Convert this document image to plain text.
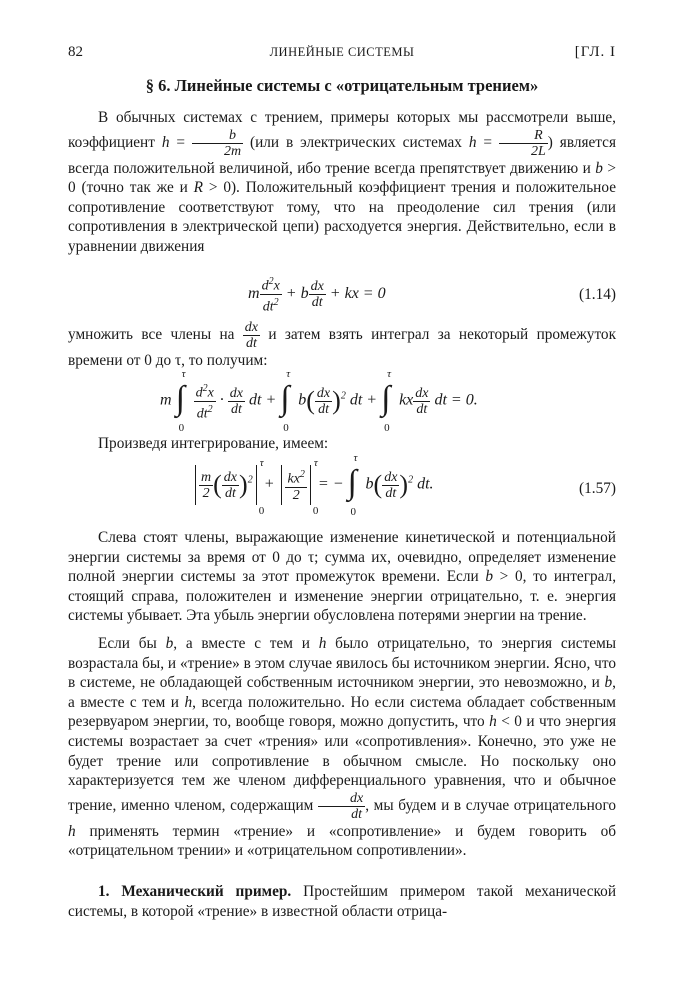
82	ЛИНЕЙНЫЕ СИСТЕМЫ	[ГЛ. I
§ 6. Линейные системы с «отрицательным трением»
В обычных системах с трением, примеры которых мы рассмотрели выше, коэффициент $h = \frac{b}{2m} (или$ в электрических системах $h = \frac{R}{2L}$ ) является всегда положительной величиной, ибо трение всегда препятствует движению и b > 0 (точно так же и R > 0). Положительный коэффициент трения и положительное сопротивление соответствуют тому, что на преодоление сил трения (или сопротивления в электрической цепи) расходуется энергия. Действительно, если в уравнении движения
m $\frac{d^2x}{dt^2} + b \frac{dx}{dt}$ + kx = 0	(1.14)
умножить все члены на $\frac{dx}{dt}$ и затем взять интеграл за некоторый промежуток времени от 0 до τ, то получим:
m ∫
τ
0

$\frac{d^2x}{dt^2} \cdot \frac{dx}{dt}$ dt + ∫
τ
0
$b( \frac{dx}{dt} )^2$ dt + ∫
τ
0
kx $\frac{dx}{dt}$ dt = 0.
Произведя интегрирование, имеем:
$\frac{m}{2}$ ( $\frac{dx}{dt} )^2$
τ
0
+ $\frac{kx^2}{2}$
τ
0
= − ∫
τ
0
$b( \frac{dx}{dt} )^2$ dt.	(1.57)
Слева стоят члены, выражающие изменение кинетической и потенциальной энергии системы за время от 0 до τ; сумма их, очевидно, определяет изменение полной энергии системы за этот промежуток времени. Если b > 0, то интеграл, стоящий справа, положителен и изменение энергии отрицательно, т. е. энергия системы убывает. Эта убыль энергии обусловлена потерями энергии на трение.
Если бы b, а вместе с тем и h было отрицательно, то энергия системы возрастала бы, и «трение» в этом случае явилось бы источником энергии. Ясно, что в системе, не обладающей собственным источником энергии, это невозможно, и b, а вместе с тем и h, всегда положительно. Но если система обладает собственным резервуаром энергии, то, вообще говоря, можно допустить, что h < 0 и что энергия системы возрастает за счет «трения» или «сопротивления». Конечно, это уже не будет трение или сопротивление в обычном смысле. Но поскольку оно характеризуется тем же членом дифференциального уравнения, что и обычное трение, именно членом, содержащим $\frac{dx}{dt}$ , мы будем и в случае отрицательного h применять термин «трение» и «сопротивление» и будем говорить об «отрицательном трении» и «отрицательном сопротивлении».
1. Механический пример. Простейшим примером такой механической системы, в которой «трение» в известной области отрица-
